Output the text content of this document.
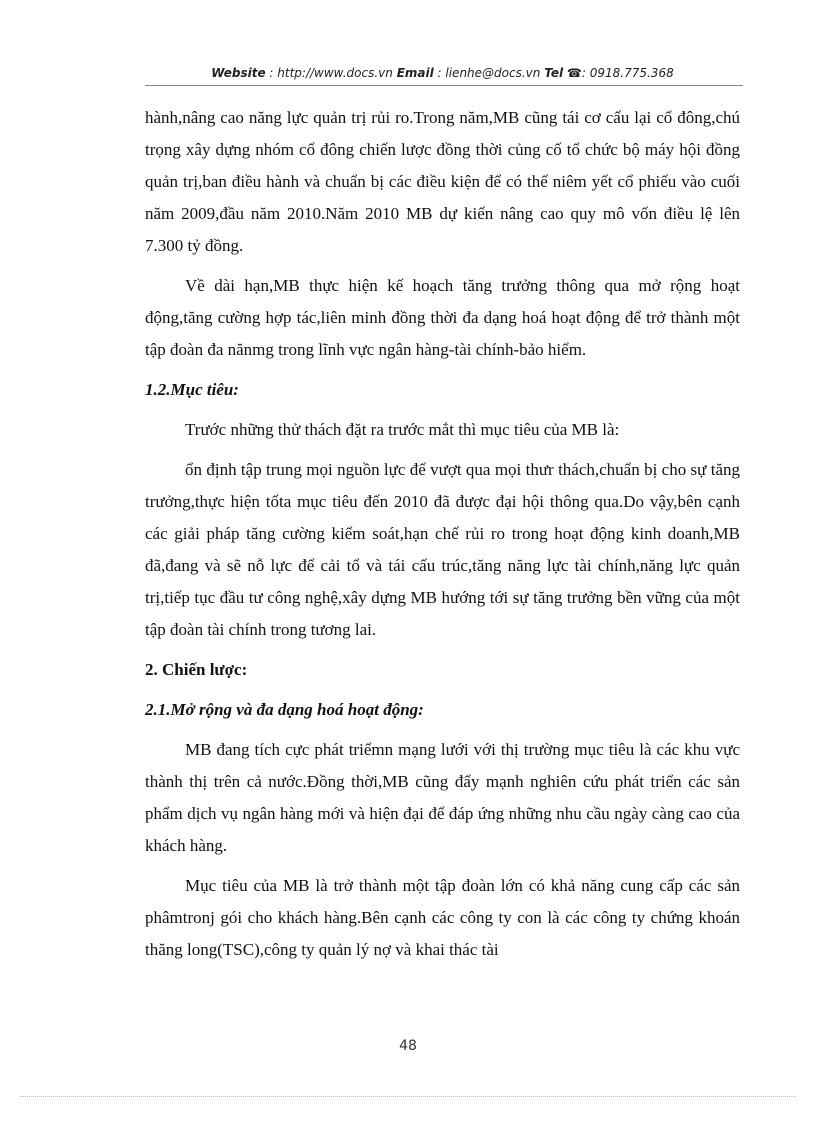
Website : http://www.docs.vn Email : lienhe@docs.vn Tel ☎: 0918.775.368

hành,nâng cao năng lực quản trị rủi ro.Trong năm,MB cũng tái cơ cấu lại cổ đông,chú trọng xây dựng nhóm cổ đông chiến lược đồng thời củng cố tổ chức bộ máy hội đồng quản trị,ban điều hành và chuẩn bị các điều kiện để có thể niêm yết cổ phiếu vào cuối năm 2009,đầu năm 2010.Năm 2010 MB dự kiến nâng cao quy mô vốn điều lệ lên 7.300 tỷ đồng.

Về dài hạn,MB thực hiện kế hoạch tăng trưởng thông qua mở rộng hoạt động,tăng cường hợp tác,liên minh đồng thời đa dạng hoá hoạt động để trở thành một tập đoàn đa nănmg trong lĩnh vực ngân hàng-tài chính-bảo hiểm.

1.2.Mục tiêu:

Trước những thử thách đặt ra trước mắt thì mục tiêu của MB là:

ổn định tập trung mọi nguồn lực để vượt qua mọi thưr thách,chuẩn bị cho sự tăng trưởng,thực hiện tốta mục tiêu đến 2010 đã được đại hội thông qua.Do vậy,bên cạnh các giải pháp tăng cường kiểm soát,hạn chế rủi ro trong hoạt động kinh doanh,MB đã,đang và sẽ nỗ lực để cải tổ và tái cấu trúc,tăng năng lực tài chính,năng lực quản trị,tiếp tục đầu tư công nghệ,xây dựng MB hướng tới sự tăng trưởng bền vững của một tập đoàn tài chính trong tương lai.

2. Chiến lược:
2.1.Mở rộng và đa dạng hoá hoạt động:

MB đang tích cực phát triểmn mạng lưới với thị trường mục tiêu là các khu vực thành thị trên cả nước.Đồng thời,MB cũng đẩy mạnh nghiên cứu phát triển các sản phẩm dịch vụ ngân hàng mới và hiện đại để đáp ứng những nhu cầu ngày càng cao của khách hàng.

Mục tiêu của MB là trở thành một tập đoàn lớn có khả năng cung cấp các sản phâmtronj gói cho khách hàng.Bên cạnh các công ty con là các công ty chứng khoán thăng long(TSC),công ty quản lý nợ và khai thác tài

48
